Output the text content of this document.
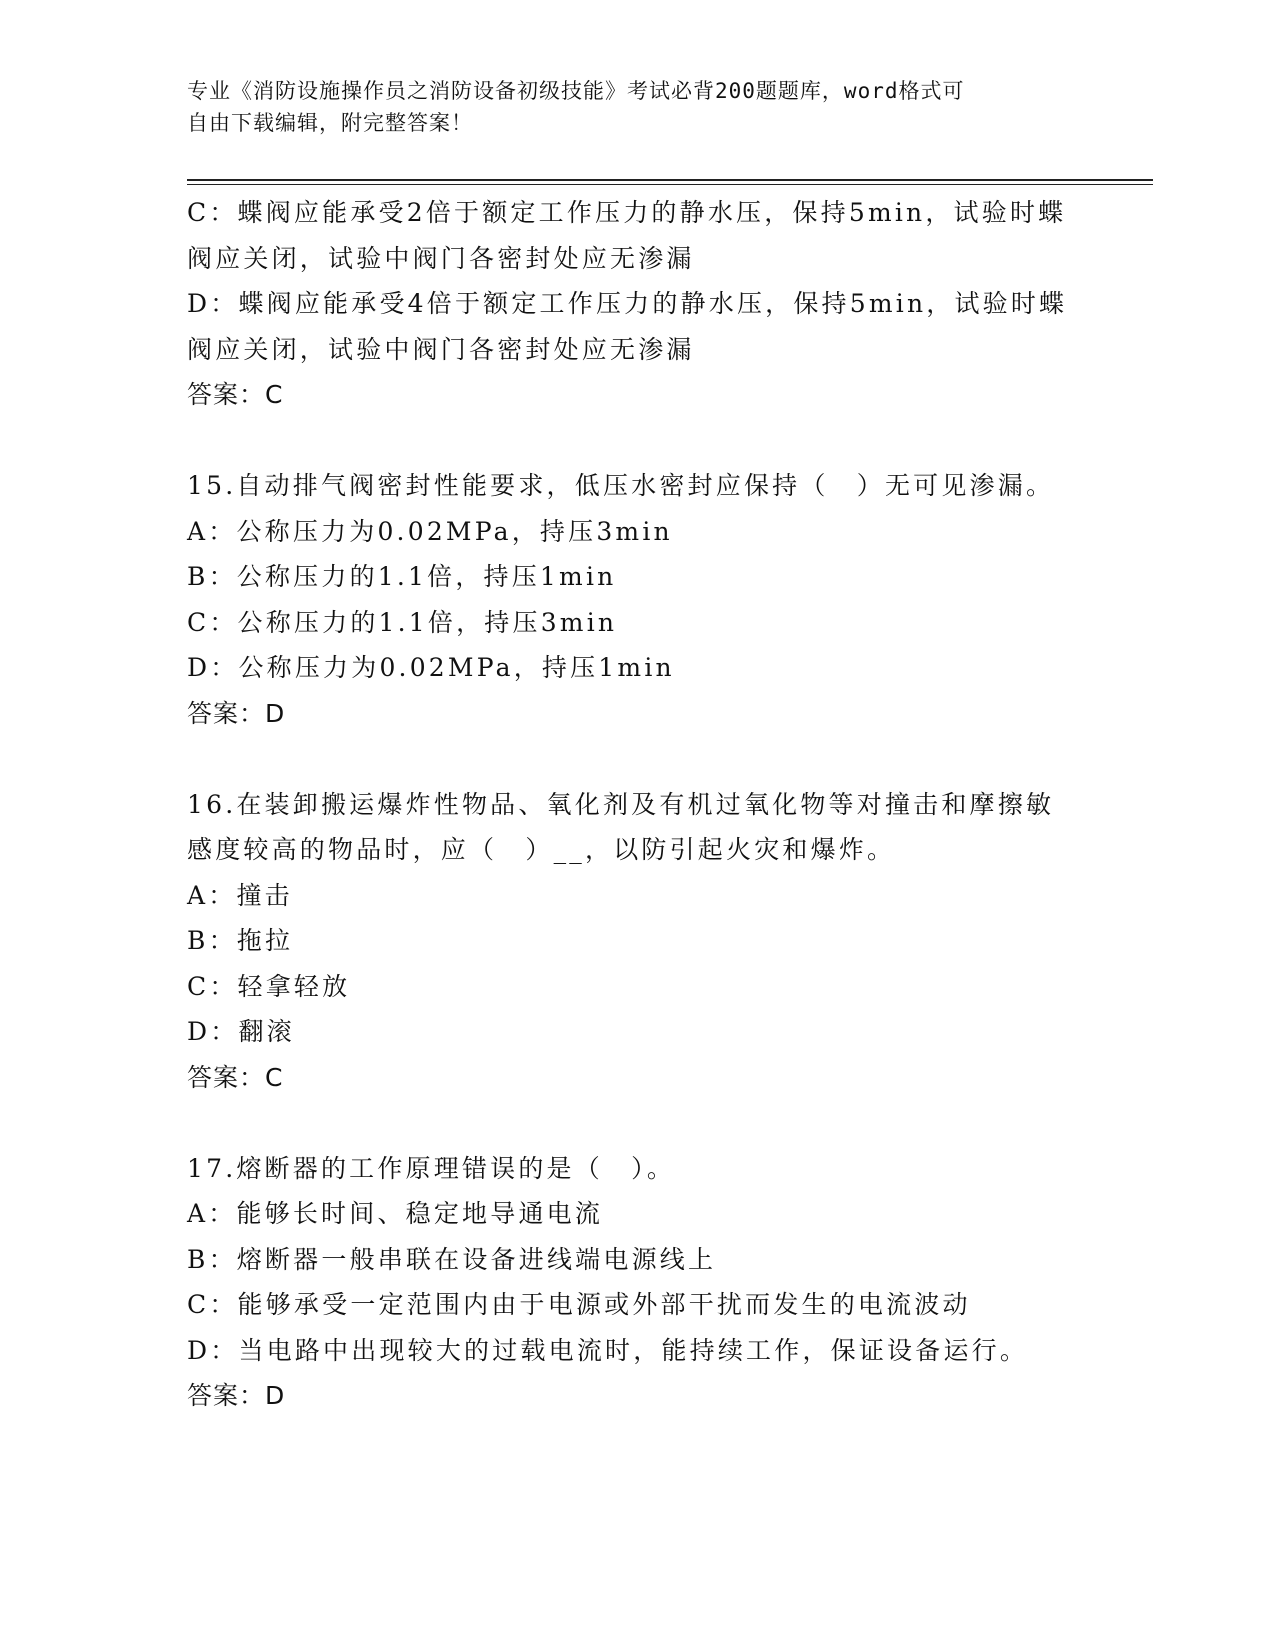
专业《消防设施操作员之消防设备初级技能》考试必背200题题库，word格式可
自由下载编辑，附完整答案！
C：蝶阀应能承受2倍于额定工作压力的静水压，保持5min，试验时蝶
阀应关闭，试验中阀门各密封处应无渗漏
D：蝶阀应能承受4倍于额定工作压力的静水压，保持5min，试验时蝶
阀应关闭，试验中阀门各密封处应无渗漏
答案：C
15.自动排气阀密封性能要求，低压水密封应保持（　）无可见渗漏。
A：公称压力为0.02MPa，持压3min
B：公称压力的1.1倍，持压1min
C：公称压力的1.1倍，持压3min
D：公称压力为0.02MPa，持压1min
答案：D
16.在装卸搬运爆炸性物品、氧化剂及有机过氧化物等对撞击和摩擦敏
感度较高的物品时，应（　）__，以防引起火灾和爆炸。
A：撞击
B：拖拉
C：轻拿轻放
D：翻滚
答案：C
17.熔断器的工作原理错误的是（　）。
A：能够长时间、稳定地导通电流
B：熔断器一般串联在设备进线端电源线上
C：能够承受一定范围内由于电源或外部干扰而发生的电流波动
D：当电路中出现较大的过载电流时，能持续工作，保证设备运行。
答案：D
